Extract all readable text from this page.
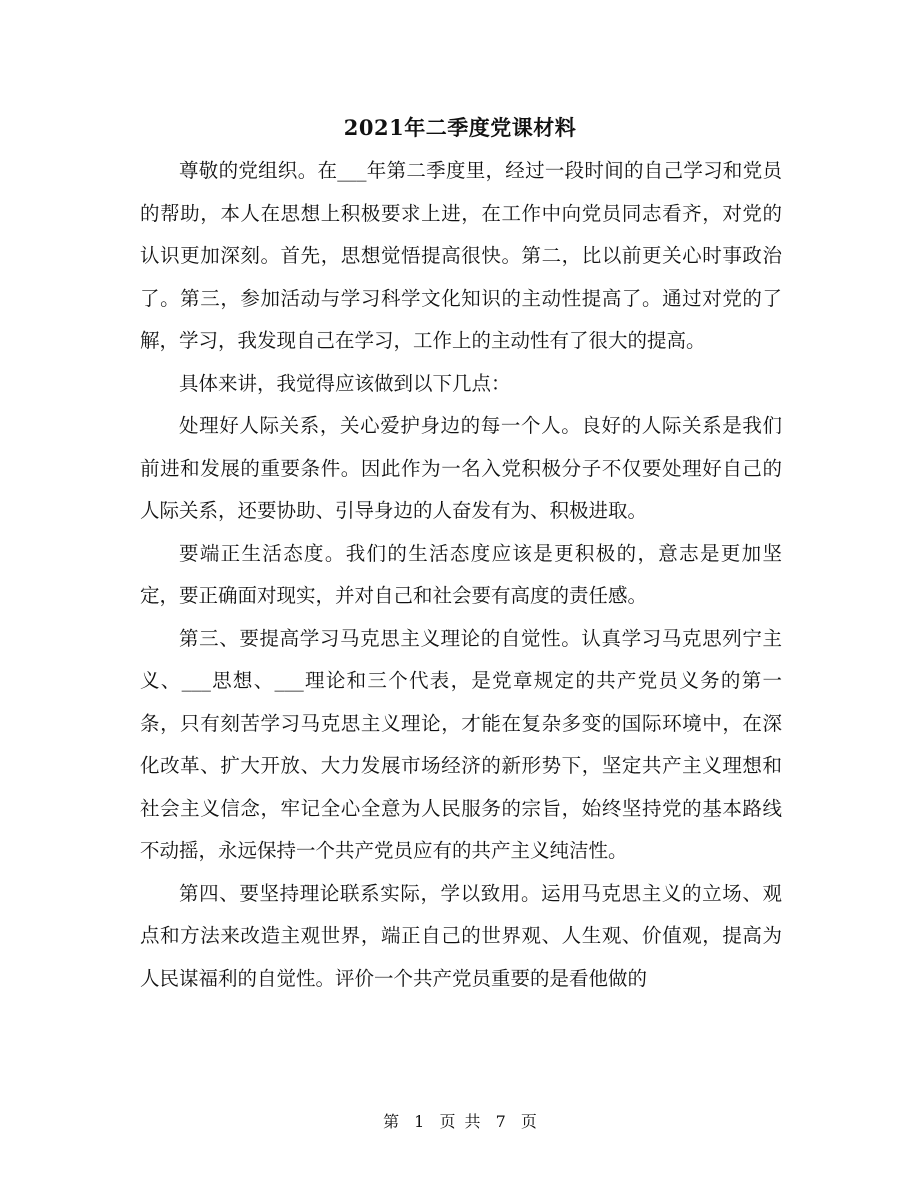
2021年二季度党课材料

尊敬的党组织。在___年第二季度里，经过一段时间的自己学习和党员的帮助，本人在思想上积极要求上进，在工作中向党员同志看齐，对党的认识更加深刻。首先，思想觉悟提高很快。第二，比以前更关心时事政治了。第三，参加活动与学习科学文化知识的主动性提高了。通过对党的了解，学习，我发现自己在学习，工作上的主动性有了很大的提高。

具体来讲，我觉得应该做到以下几点：

处理好人际关系，关心爱护身边的每一个人。良好的人际关系是我们前进和发展的重要条件。因此作为一名入党积极分子不仅要处理好自己的人际关系，还要协助、引导身边的人奋发有为、积极进取。

要端正生活态度。我们的生活态度应该是更积极的，意志是更加坚定，要正确面对现实，并对自己和社会要有高度的责任感。

第三、要提高学习马克思主义理论的自觉性。认真学习马克思列宁主义、___思想、___理论和三个代表，是党章规定的共产党员义务的第一条，只有刻苦学习马克思主义理论，才能在复杂多变的国际环境中，在深化改革、扩大开放、大力发展市场经济的新形势下，坚定共产主义理想和社会主义信念，牢记全心全意为人民服务的宗旨，始终坚持党的基本路线不动摇，永远保持一个共产党员应有的共产主义纯洁性。

第四、要坚持理论联系实际，学以致用。运用马克思主义的立场、观点和方法来改造主观世界，端正自己的世界观、人生观、价值观，提高为人民谋福利的自觉性。评价一个共产党员重要的是看他做的

第 1 页 共 7 页
